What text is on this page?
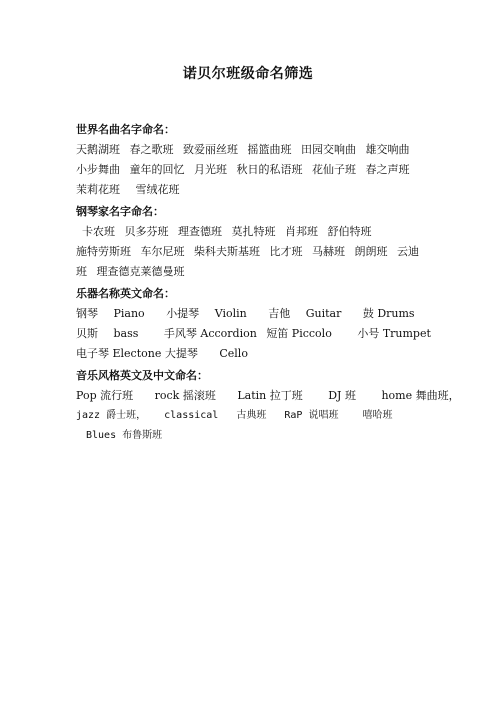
诺贝尔班级命名筛选
世界名曲名字命名：
天鹅湖班 春之歌班 致爱丽丝班 摇篮曲班 田园交响曲 雄交响曲
小步舞曲 童年的回忆 月光班 秋日的私语班 花仙子班 春之声班
茉莉花班 雪绒花班
钢琴家名字命名：
卡农班 贝多芬班 理查德班 莫扎特班 肖邦班 舒伯特班
施特劳斯班 车尔尼班 柴科夫斯基班 比才班 马赫班 朗朗班 云迪
班 理查德克莱德曼班
乐器名称英文命名：
钢琴 Piano 小提琴 Violin 吉他 Guitar 鼓 Drums
贝斯 bass 手风琴 Accordion 短笛 Piccolo 小号 Trumpet
电子琴 Electone 大提琴 Cello
音乐风格英文及中文命名：
Pop 流行班 rock 摇滚班 Latin 拉丁班 DJ 班 home 舞曲班，
jazz 爵士班， classical 古典班 RaP 说唱班 嘻哈班
Blues 布鲁斯班
